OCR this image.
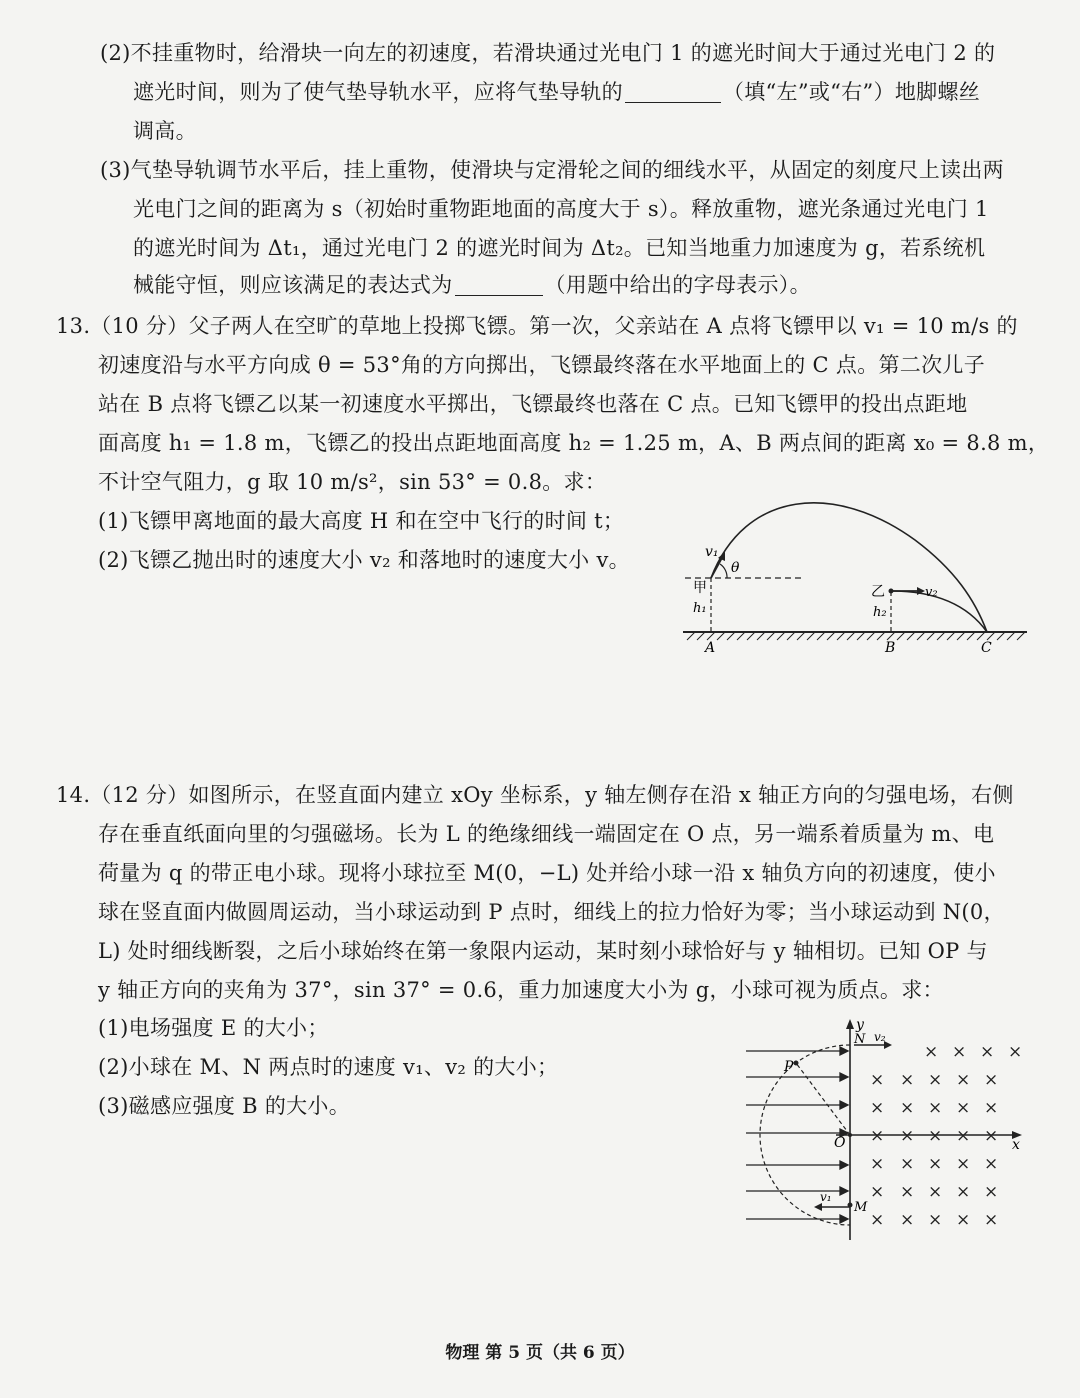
(2)不挂重物时，给滑块一向左的初速度，若滑块通过光电门 1 的遮光时间大于通过光电门 2 的
遮光时间，则为了使气垫导轨水平，应将气垫导轨的	（填“左”或“右”）地脚螺丝
调高。
(3)气垫导轨调节水平后，挂上重物，使滑块与定滑轮之间的细线水平，从固定的刻度尺上读出两
光电门之间的距离为 s（初始时重物距地面的高度大于 s）。释放重物，遮光条通过光电门 1
的遮光时间为 Δt₁，通过光电门 2 的遮光时间为 Δt₂。已知当地重力加速度为 g，若系统机
械能守恒，则应该满足的表达式为	（用题中给出的字母表示）。
13.（10 分）父子两人在空旷的草地上投掷飞镖。第一次，父亲站在 A 点将飞镖甲以 v₁ = 10 m/s 的
初速度沿与水平方向成 θ = 53°角的方向掷出，飞镖最终落在水平地面上的 C 点。第二次儿子
站在 B 点将飞镖乙以某一初速度水平掷出，飞镖最终也落在 C 点。已知飞镖甲的投出点距地
面高度 h₁ = 1.8 m，飞镖乙的投出点距地面高度 h₂ = 1.25 m，A、B 两点间的距离 x₀ = 8.8 m，
不计空气阻力，g 取 10 m/s²，sin 53° = 0.8。求：
(1)飞镖甲离地面的最大高度 H 和在空中飞行的时间 t；
(2)飞镖乙抛出时的速度大小 v₂ 和落地时的速度大小 v。	v₁
θ
甲
h₁
乙	v₂
h₂
A	B	C
14.（12 分）如图所示，在竖直面内建立 xOy 坐标系，y 轴左侧存在沿 x 轴正方向的匀强电场，右侧
存在垂直纸面向里的匀强磁场。长为 L 的绝缘细线一端固定在 O 点，另一端系着质量为 m、电
荷量为 q 的带正电小球。现将小球拉至 M(0，−L) 处并给小球一沿 x 轴负方向的初速度，使小
球在竖直面内做圆周运动，当小球运动到 P 点时，细线上的拉力恰好为零；当小球运动到 N(0，
L) 处时细线断裂，之后小球始终在第一象限内运动，某时刻小球恰好与 y 轴相切。已知 OP 与
y 轴正方向的夹角为 37°，sin 37° = 0.6，重力加速度大小为 g，小球可视为质点。求：
(1)电场强度 E 的大小；
(2)小球在 M、N 两点时的速度 v₁、v₂ 的大小；
(3)磁感应强度 B 的大小。
× × × ×
× × × × ×
× × × × ×
× × × × ×
× × × × ×
× × × × ×
× × × × ×
y
x
O
N v₂
P
M
v₁
物理 第 5 页（共 6 页）
